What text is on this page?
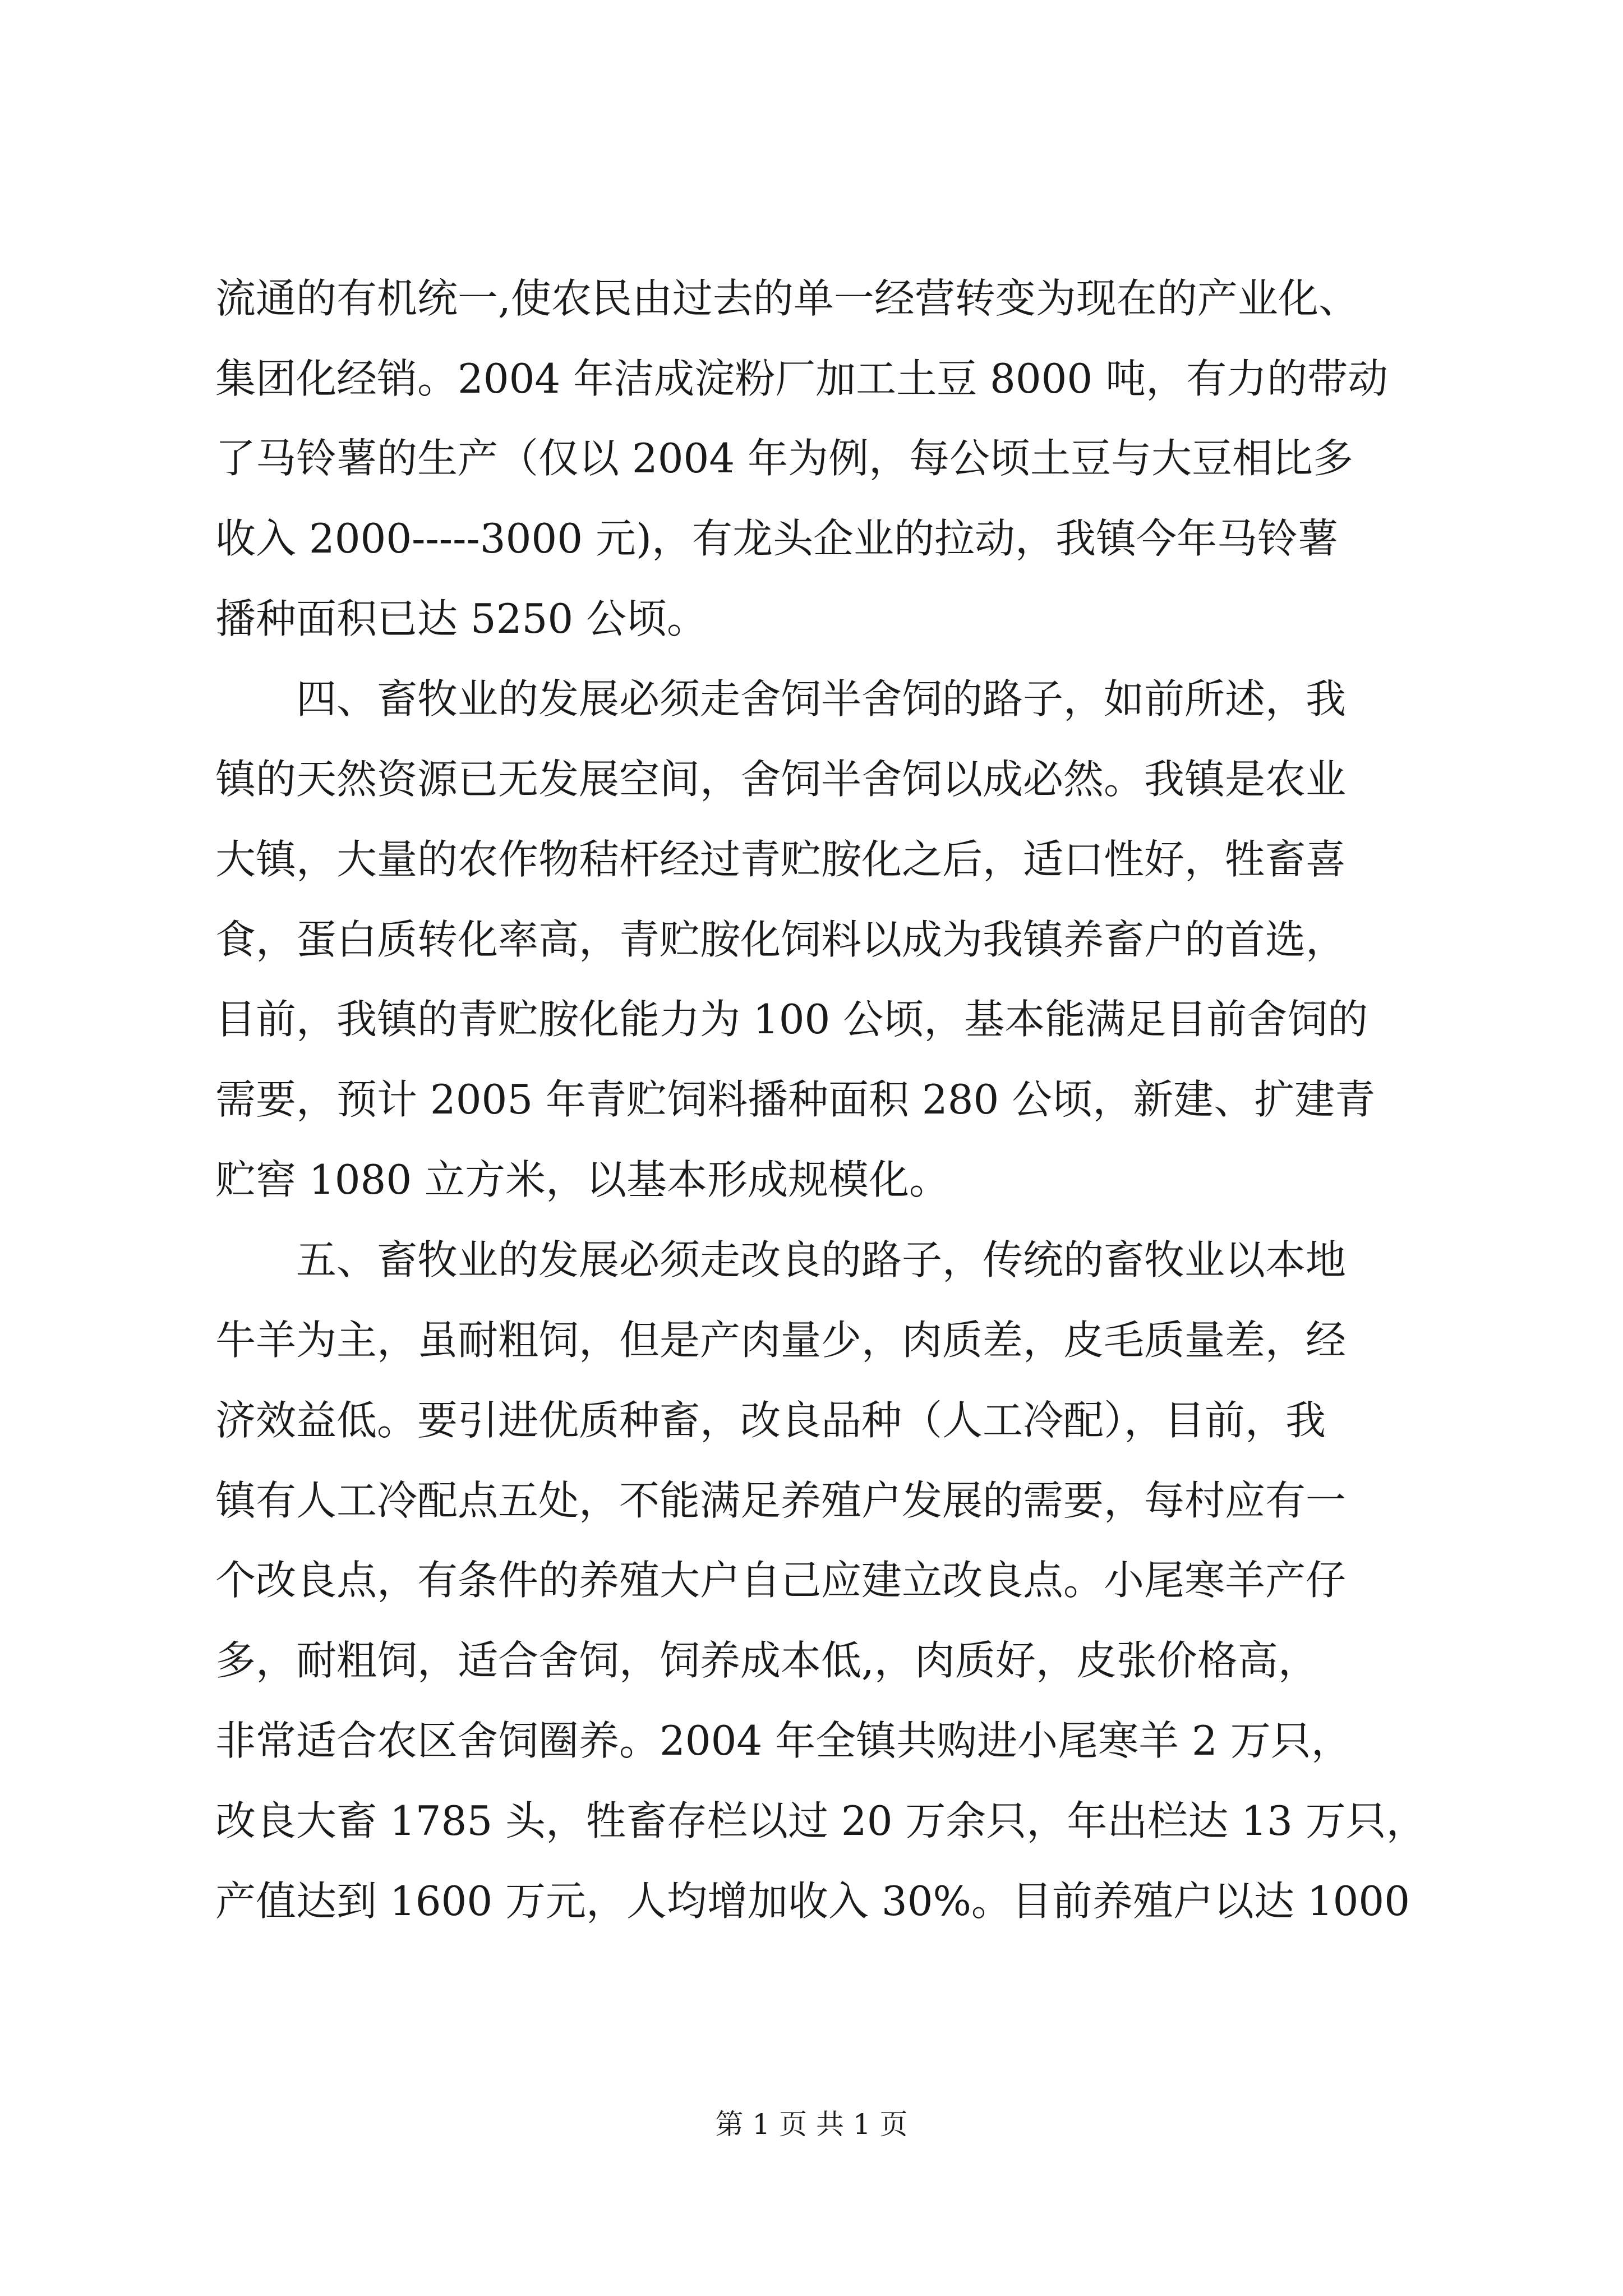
流通的有机统一,使农民由过去的单一经营转变为现在的产业化、
集团化经销。2004 年洁成淀粉厂加工土豆 8000 吨，有力的带动
了马铃薯的生产（仅以 2004 年为例，每公顷土豆与大豆相比多
收入 2000-----3000 元)，有龙头企业的拉动，我镇今年马铃薯
播种面积已达 5250 公顷。
四、畜牧业的发展必须走舍饲半舍饲的路子，如前所述，我
镇的天然资源已无发展空间，舍饲半舍饲以成必然。我镇是农业
大镇，大量的农作物秸杆经过青贮胺化之后，适口性好，牲畜喜
食，蛋白质转化率高，青贮胺化饲料以成为我镇养畜户的首选，
目前，我镇的青贮胺化能力为 100 公顷，基本能满足目前舍饲的
需要，预计 2005 年青贮饲料播种面积 280 公顷，新建、扩建青
贮窖 1080 立方米，以基本形成规模化。
五、畜牧业的发展必须走改良的路子，传统的畜牧业以本地
牛羊为主，虽耐粗饲，但是产肉量少，肉质差，皮毛质量差，经
济效益低。要引进优质种畜，改良品种（人工冷配），目前，我
镇有人工冷配点五处，不能满足养殖户发展的需要，每村应有一
个改良点，有条件的养殖大户自己应建立改良点。小尾寒羊产仔
多，耐粗饲，适合舍饲，饲养成本低,，肉质好，皮张价格高，
非常适合农区舍饲圈养。2004 年全镇共购进小尾寒羊 2 万只，
改良大畜 1785 头，牲畜存栏以过 20 万余只，年出栏达 13 万只，
产值达到 1600 万元，人均增加收入 30%。目前养殖户以达 1000
第 1 页 共 1 页
